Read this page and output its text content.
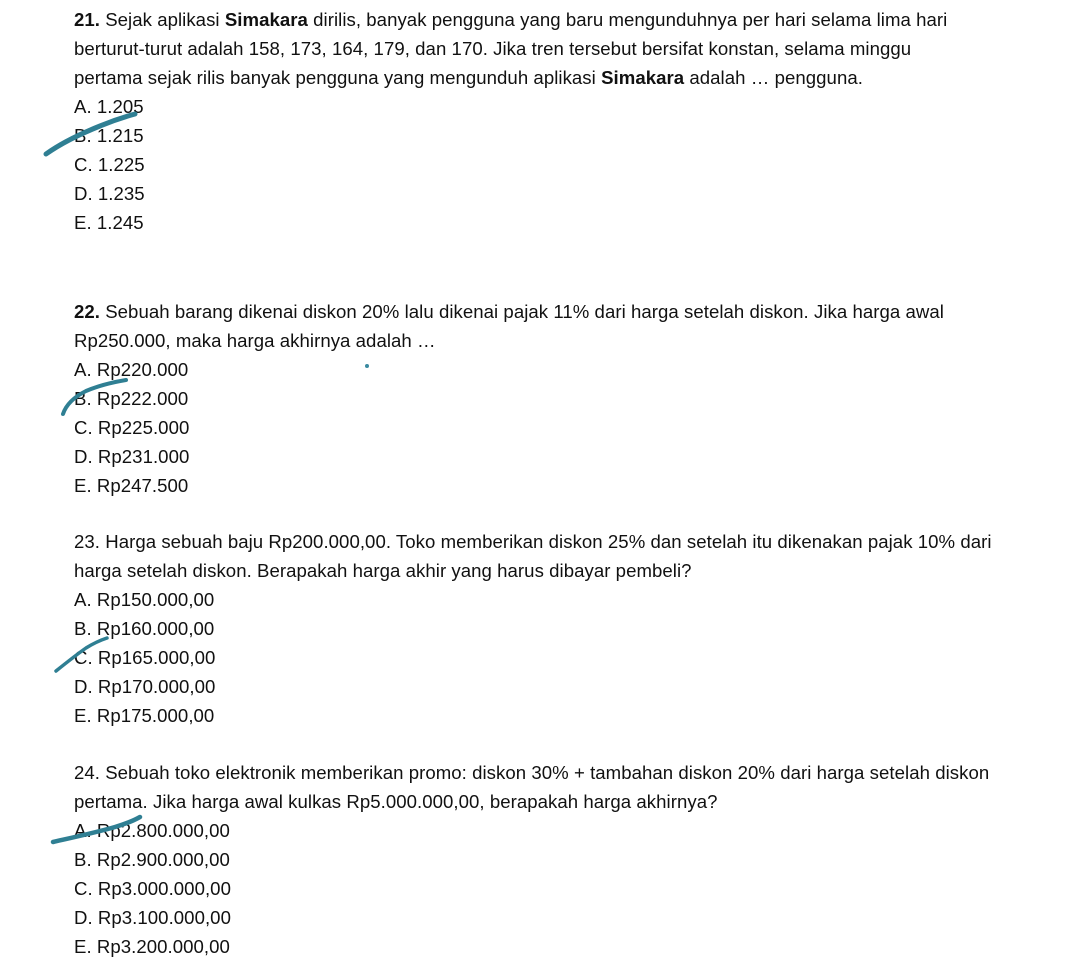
21. Sejak aplikasi Simakara dirilis, banyak pengguna yang baru mengunduhnya per hari selama lima hari berturut-turut adalah 158, 173, 164, 179, dan 170. Jika tren tersebut bersifat konstan, selama minggu pertama sejak rilis banyak pengguna yang mengunduh aplikasi Simakara adalah … pengguna.

A. 1.205
B. 1.215
C. 1.225
D. 1.235
E. 1.245

22. Sebuah barang dikenai diskon 20% lalu dikenai pajak 11% dari harga setelah diskon. Jika harga awal Rp250.000, maka harga akhirnya adalah …

A. Rp220.000
B. Rp222.000
C. Rp225.000
D. Rp231.000
E. Rp247.500

23. Harga sebuah baju Rp200.000,00. Toko memberikan diskon 25% dan setelah itu dikenakan pajak 10% dari harga setelah diskon. Berapakah harga akhir yang harus dibayar pembeli?

A. Rp150.000,00
B. Rp160.000,00
C. Rp165.000,00
D. Rp170.000,00
E. Rp175.000,00

24. Sebuah toko elektronik memberikan promo: diskon 30% + tambahan diskon 20% dari harga setelah diskon pertama. Jika harga awal kulkas Rp5.000.000,00, berapakah harga akhirnya?

A. Rp2.800.000,00
B. Rp2.900.000,00
C. Rp3.000.000,00
D. Rp3.100.000,00
E. Rp3.200.000,00
